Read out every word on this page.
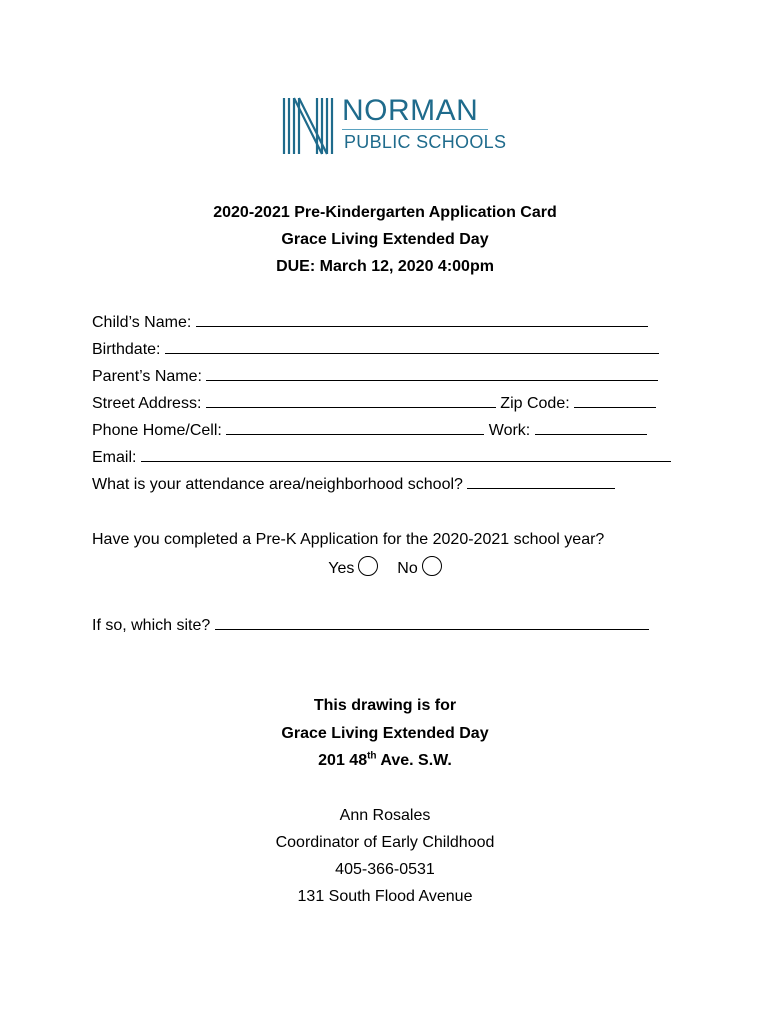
NORMAN
PUBLIC SCHOOLS
2020-2021 Pre-Kindergarten Application Card
Grace Living Extended Day
DUE: March 12, 2020 4:00pm
Child’s Name:
Birthdate:
Parent’s Name:
Street Address:	Zip Code:
Phone Home/Cell:	Work:
Email:
What is your attendance area/neighborhood school?
Have you completed a Pre-K Application for the 2020-2021 school year?
Yes	No
If so, which site?
This drawing is for
Grace Living Extended Day
201 48th Ave. S.W.
Ann Rosales
Coordinator of Early Childhood
405-366-0531
131 South Flood Avenue
